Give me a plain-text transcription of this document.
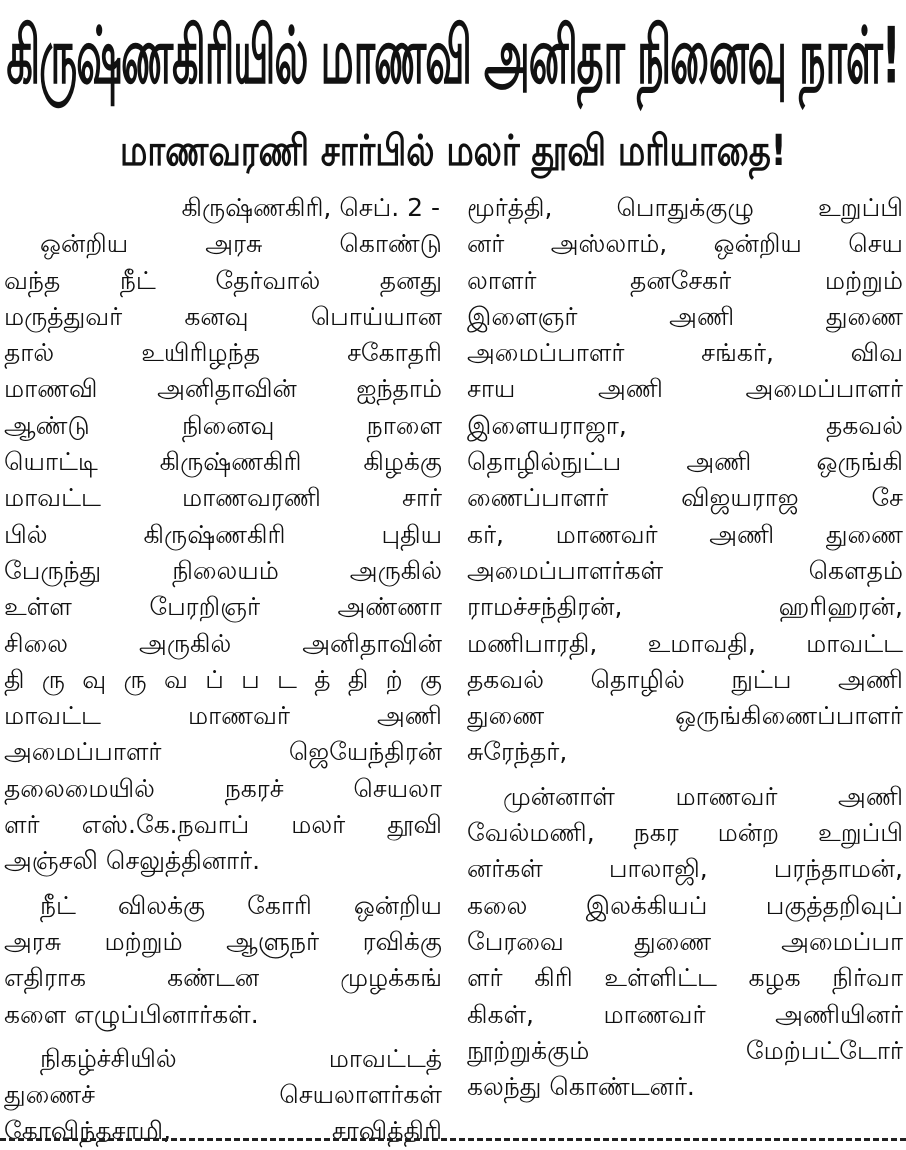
கிருஷ்ணகிரியில் மாணவி அனிதா நினைவு நாள்!
மாணவரணி சார்பில் மலர் தூவி மரியாதை!
கிருஷ்ணகிரி, செப். 2 -
ஒன்றிய அரசு கொண்டு
வந்த நீட் தேர்வால் தனது
மருத்துவர் கனவு பொய்யான
தால் உயிரிழந்த சகோதரி
மாணவி அனிதாவின் ஐந்தாம்
ஆண்டு நினைவு நாளை
யொட்டி கிருஷ்ணகிரி கிழக்கு
மாவட்ட மாணவரணி சார்
பில் கிருஷ்ணகிரி புதிய
பேருந்து நிலையம் அருகில்
உள்ள பேரறிஞர் அண்ணா
சிலை அருகில் அனிதாவின்
தி ரு வு ரு வ ப் ப ட த் தி ற் கு
மாவட்ட மாணவர் அணி
அமைப்பாளர் ஜெயேந்திரன்
தலைமையில் நகரச் செயலா
ளர் எஸ்.கே.நவாப் மலர் தூவி
அஞ்சலி செலுத்தினார்.
நீட் விலக்கு கோரி ஒன்றிய
அரசு மற்றும் ஆளுநர் ரவிக்கு
எதிராக கண்டன முழக்கங்
களை எழுப்பினார்கள்.
நிகழ்ச்சியில் மாவட்டத்
துணைச் செயலாளர்கள்
கோவிந்தசாமி, சாவித்திரி
மூர்த்தி, பொதுக்குழு உறுப்பி
னர் அஸ்லாம், ஒன்றிய செய
லாளர் தனசேகர் மற்றும்
இளைஞர் அணி துணை
அமைப்பாளர் சங்கர், விவ
சாய அணி அமைப்பாளர்
இளையராஜா, தகவல்
தொழில்நுட்ப அணி ஒருங்கி
ணைப்பாளர் விஜயராஜ சே
கர், மாணவர் அணி துணை
அமைப்பாளர்கள் கௌதம்
ராமச்சந்திரன், ஹரிஹரன்,
மணிபாரதி, உமாவதி, மாவட்ட
தகவல் தொழில் நுட்ப அணி
துணை ஒருங்கிணைப்பாளர்
சுரேந்தர்,
முன்னாள் மாணவர் அணி
வேல்மணி, நகர மன்ற உறுப்பி
னர்கள் பாலாஜி, பரந்தாமன்,
கலை இலக்கியப் பகுத்தறிவுப்
பேரவை துணை அமைப்பா
ளர் கிரி உள்ளிட்ட கழக நிர்வா
கிகள், மாணவர் அணியினர்
நூற்றுக்கும் மேற்பட்டோர்
கலந்து கொண்டனர்.
